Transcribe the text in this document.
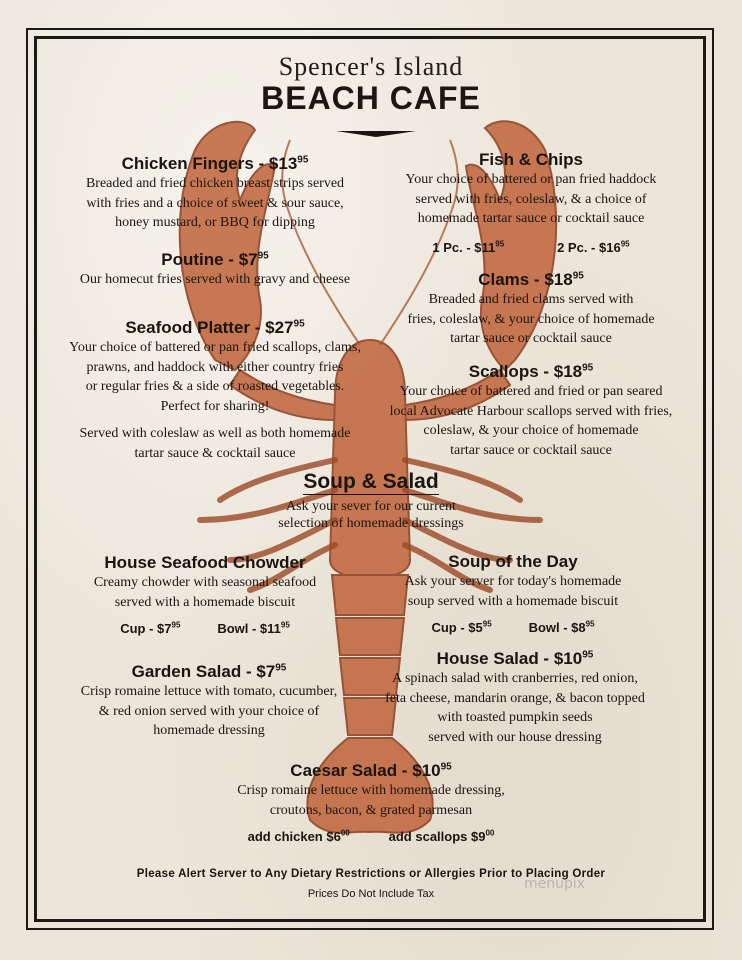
Spencer's Island
BEACH CAFE
Chicken Fingers - $\$13^{95}$
Breaded and fried chicken breast strips served
with fries and a choice of sweet & sour sauce,
honey mustard, or BBQ for dipping
Poutine - $\$7^{95}$
Our homecut fries served with gravy and cheese
Seafood Platter - $\$27^{95}$
Your choice of battered or pan fried scallops, clams,
prawns, and haddock with either country fries
or regular fries & a side of roasted vegetables.
Perfect for sharing!
Served with coleslaw as well as both homemade
tartar sauce & cocktail sauce
Fish & Chips
Your choice of battered or pan fried haddock
served with fries, coleslaw, & a choice of
homemade tartar sauce or cocktail sauce
1 Pc. - $\$11^{95}$	2 Pc. - $\$16^{95}$
Clams - $\$18^{95}$
Breaded and fried clams served with
fries, coleslaw, & your choice of homemade
tartar sauce or cocktail sauce
Scallops - $\$18^{95}$
Your choice of battered and fried or pan seared
local Advocate Harbour scallops served with fries,
coleslaw, & your choice of homemade
tartar sauce or cocktail sauce
Soup & Salad
Ask your sever for our current
selection of homemade dressings
House Seafood Chowder
Creamy chowder with seasonal seafood
served with a homemade biscuit
Cup - $\$7^{95}$	Bowl - $\$11^{95}$
Soup of the Day
Ask your server for today's homemade
soup served with a homemade biscuit
Cup - $\$5^{95}$	Bowl - $\$8^{95}$
Garden Salad - $\$7^{95}$
Crisp romaine lettuce with tomato, cucumber,
& red onion served with your choice of
homemade dressing
House Salad - $\$10^{95}$
A spinach salad with cranberries, red onion,
feta cheese, mandarin orange, & bacon topped
with toasted pumpkin seeds
served with our house dressing
Caesar Salad - $\$10^{95}$
Crisp romaine lettuce with homemade dressing,
croutons, bacon, & grated parmesan
add chicken $\$6^{00}$	add scallops $\$9^{00}$
Please Alert Server to Any Dietary Restrictions or Allergies Prior to Placing Order
Prices Do Not Include Tax
menupix
